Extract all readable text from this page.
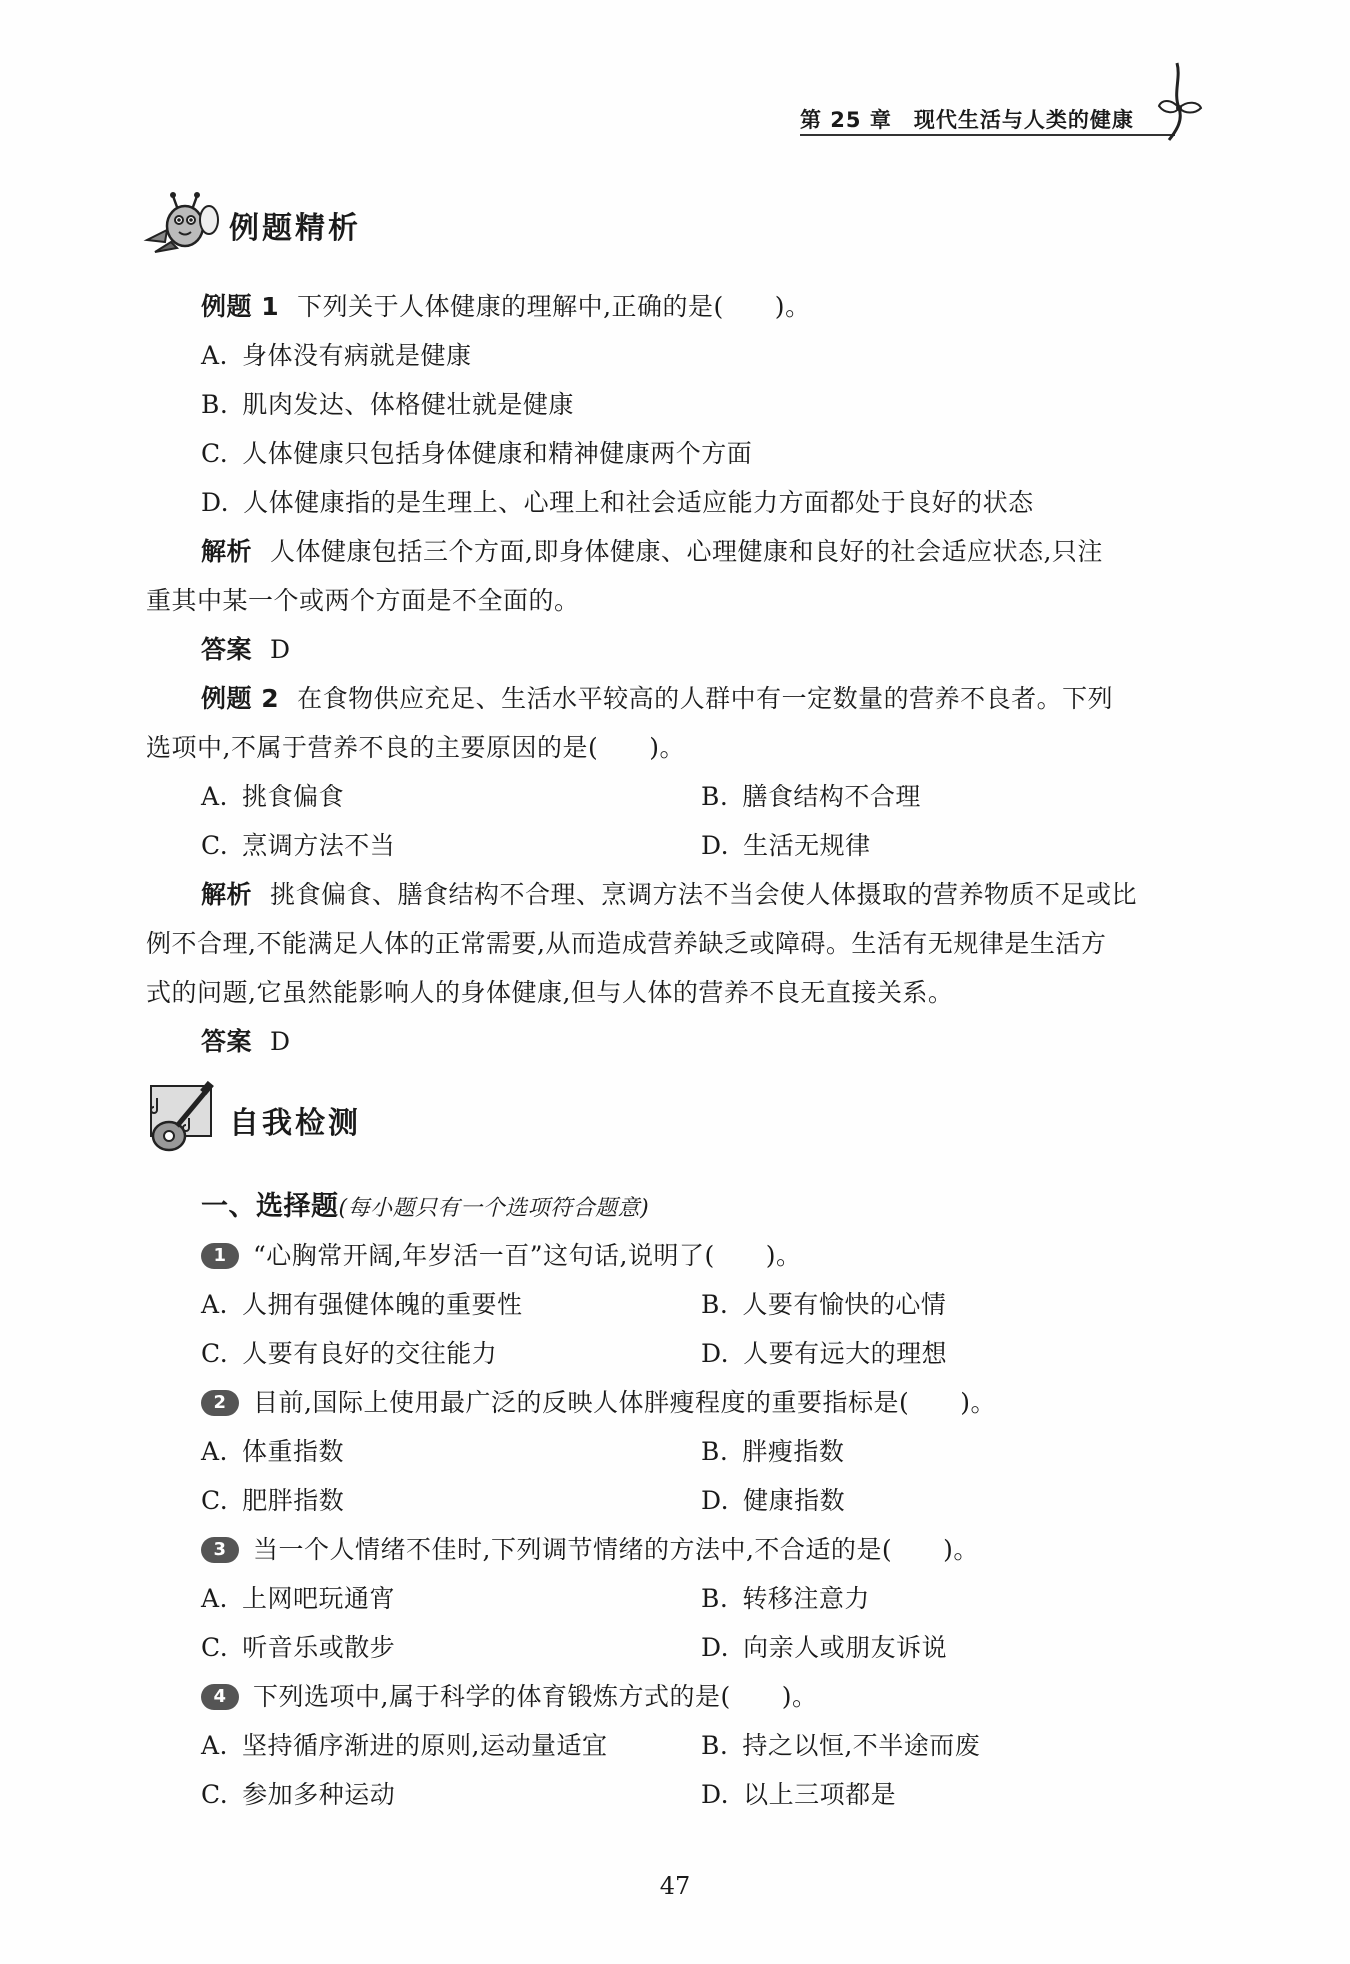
第 25 章 现代生活与人类的健康
例题精析
例题 1 下列关于人体健康的理解中,正确的是(　　)。
A. 身体没有病就是健康
B. 肌肉发达、体格健壮就是健康
C. 人体健康只包括身体健康和精神健康两个方面
D. 人体健康指的是生理上、心理上和社会适应能力方面都处于良好的状态
解析 人体健康包括三个方面,即身体健康、心理健康和良好的社会适应状态,只注
重其中某一个或两个方面是不全面的。
答案 D
例题 2 在食物供应充足、生活水平较高的人群中有一定数量的营养不良者。下列
选项中,不属于营养不良的主要原因的是(　　)。
A. 挑食偏食	B. 膳食结构不合理
C. 烹调方法不当	D. 生活无规律
解析 挑食偏食、膳食结构不合理、烹调方法不当会使人体摄取的营养物质不足或比
例不合理,不能满足人体的正常需要,从而造成营养缺乏或障碍。生活有无规律是生活方
式的问题,它虽然能影响人的身体健康,但与人体的营养不良无直接关系。
答案 D
自我检测
一、选择题(每小题只有一个选项符合题意)
1 “心胸常开阔,年岁活一百”这句话,说明了(　　)。
A. 人拥有强健体魄的重要性	B. 人要有愉快的心情
C. 人要有良好的交往能力	D. 人要有远大的理想
2 目前,国际上使用最广泛的反映人体胖瘦程度的重要指标是(　　)。
A. 体重指数	B. 胖瘦指数
C. 肥胖指数	D. 健康指数
3 当一个人情绪不佳时,下列调节情绪的方法中,不合适的是(　　)。
A. 上网吧玩通宵	B. 转移注意力
C. 听音乐或散步	D. 向亲人或朋友诉说
4 下列选项中,属于科学的体育锻炼方式的是(　　)。
A. 坚持循序渐进的原则,运动量适宜	B. 持之以恒,不半途而废
C. 参加多种运动	D. 以上三项都是
47
